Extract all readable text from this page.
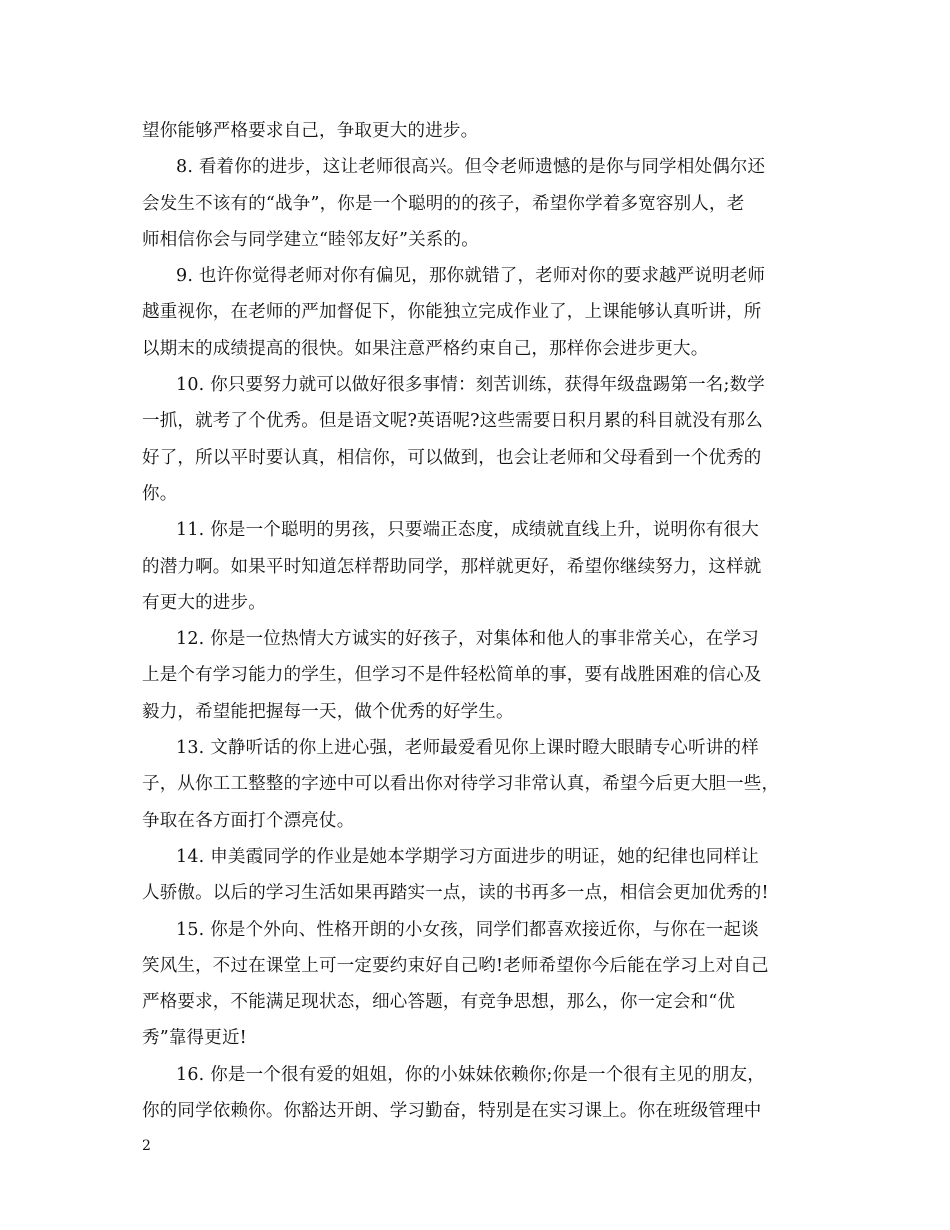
望你能够严格要求自己，争取更大的进步。
8. 看着你的进步，这让老师很高兴。但令老师遗憾的是你与同学相处偶尔还
会发生不该有的“战争”，你是一个聪明的的孩子，希望你学着多宽容别人，老
师相信你会与同学建立“睦邻友好”关系的。
9. 也许你觉得老师对你有偏见，那你就错了，老师对你的要求越严说明老师
越重视你，在老师的严加督促下，你能独立完成作业了，上课能够认真听讲，所
以期末的成绩提高的很快。如果注意严格约束自己，那样你会进步更大。
10. 你只要努力就可以做好很多事情：刻苦训练，获得年级盘踢第一名;数学
一抓，就考了个优秀。但是语文呢?英语呢?这些需要日积月累的科目就没有那么
好了，所以平时要认真，相信你，可以做到，也会让老师和父母看到一个优秀的
你。
11. 你是一个聪明的男孩，只要端正态度，成绩就直线上升，说明你有很大
的潜力啊。如果平时知道怎样帮助同学，那样就更好，希望你继续努力，这样就
有更大的进步。
12. 你是一位热情大方诚实的好孩子，对集体和他人的事非常关心，在学习
上是个有学习能力的学生，但学习不是件轻松简单的事，要有战胜困难的信心及
毅力，希望能把握每一天，做个优秀的好学生。
13. 文静听话的你上进心强，老师最爱看见你上课时瞪大眼睛专心听讲的样
子，从你工工整整的字迹中可以看出你对待学习非常认真，希望今后更大胆一些，
争取在各方面打个漂亮仗。
14. 申美霞同学的作业是她本学期学习方面进步的明证，她的纪律也同样让
人骄傲。以后的学习生活如果再踏实一点，读的书再多一点，相信会更加优秀的!
15. 你是个外向、性格开朗的小女孩，同学们都喜欢接近你，与你在一起谈
笑风生，不过在课堂上可一定要约束好自己哟!老师希望你今后能在学习上对自己
严格要求，不能满足现状态，细心答题，有竞争思想，那么，你一定会和“优
秀”靠得更近!
16. 你是一个很有爱的姐姐，你的小妹妹依赖你;你是一个很有主见的朋友，
你的同学依赖你。你豁达开朗、学习勤奋，特别是在实习课上。你在班级管理中
2
